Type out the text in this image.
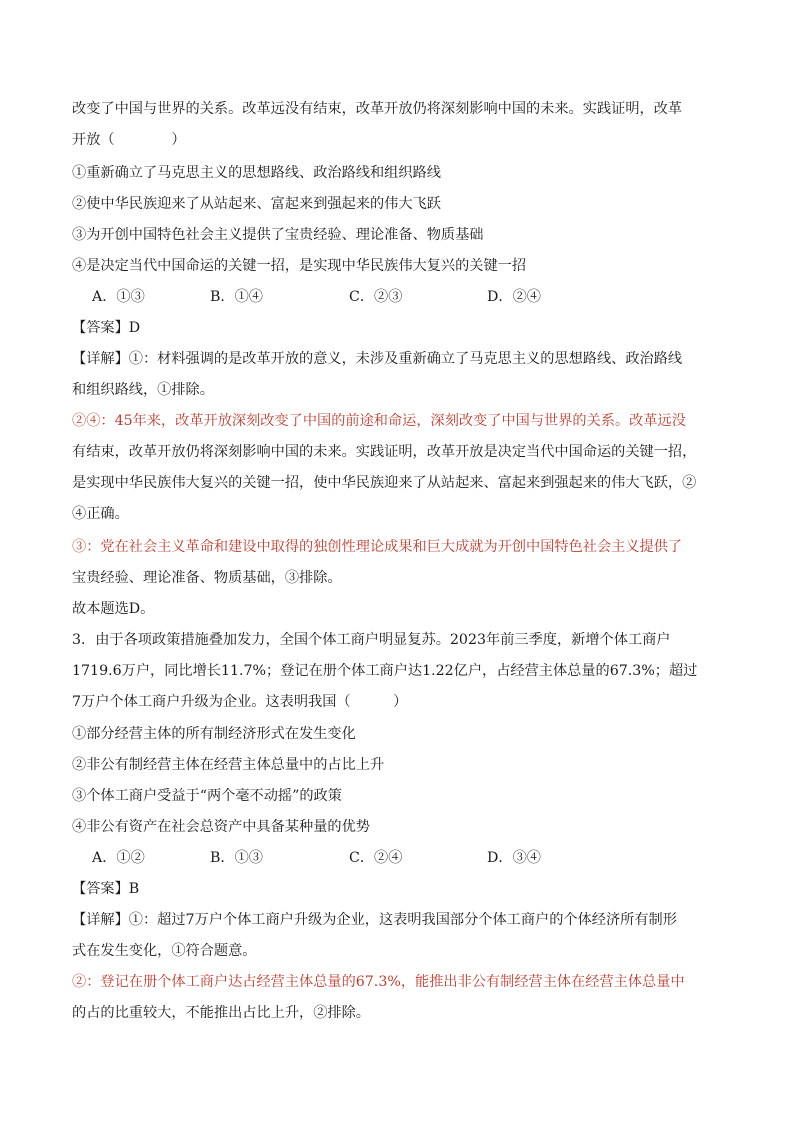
改变了中国与世界的关系。改革远没有结束，改革开放仍将深刻影响中国的未来。实践证明，改革
开放（　　　　）
①重新确立了马克思主义的思想路线、政治路线和组织路线
②使中华民族迎来了从站起来、富起来到强起来的伟大飞跃
③为开创中国特色社会主义提供了宝贵经验、理论准备、物质基础
④是决定当代中国命运的关键一招，是实现中华民族伟大复兴的关键一招
A．①③	B．①④	C．②③	D．②④
【答案】D
【详解】①：材料强调的是改革开放的意义，未涉及重新确立了马克思主义的思想路线、政治路线
和组织路线，①排除。
②④：45年来，改革开放深刻改变了中国的前途和命运，深刻改变了中国与世界的关系。改革远没
有结束，改革开放仍将深刻影响中国的未来。实践证明，改革开放是决定当代中国命运的关键一招，
是实现中华民族伟大复兴的关键一招，使中华民族迎来了从站起来、富起来到强起来的伟大飞跃，②
④正确。
③：党在社会主义革命和建设中取得的独创性理论成果和巨大成就为开创中国特色社会主义提供了
宝贵经验、理论准备、物质基础，③排除。
故本题选D。
3．由于各项政策措施叠加发力，全国个体工商户明显复苏。2023年前三季度，新增个体工商户
1719.6万户，同比增长11.7%；登记在册个体工商户达1.22亿户，占经营主体总量的67.3%；超过
7万户个体工商户升级为企业。这表明我国（　　　）
①部分经营主体的所有制经济形式在发生变化
②非公有制经营主体在经营主体总量中的占比上升
③个体工商户受益于“两个毫不动摇”的政策
④非公有资产在社会总资产中具备某种量的优势
A．①②	B．①③	C．②④	D．③④
【答案】B
【详解】①：超过7万户个体工商户升级为企业，这表明我国部分个体工商户的个体经济所有制形
式在发生变化，①符合题意。
②：登记在册个体工商户达占经营主体总量的67.3%，能推出非公有制经营主体在经营主体总量中
的占的比重较大，不能推出占比上升，②排除。
